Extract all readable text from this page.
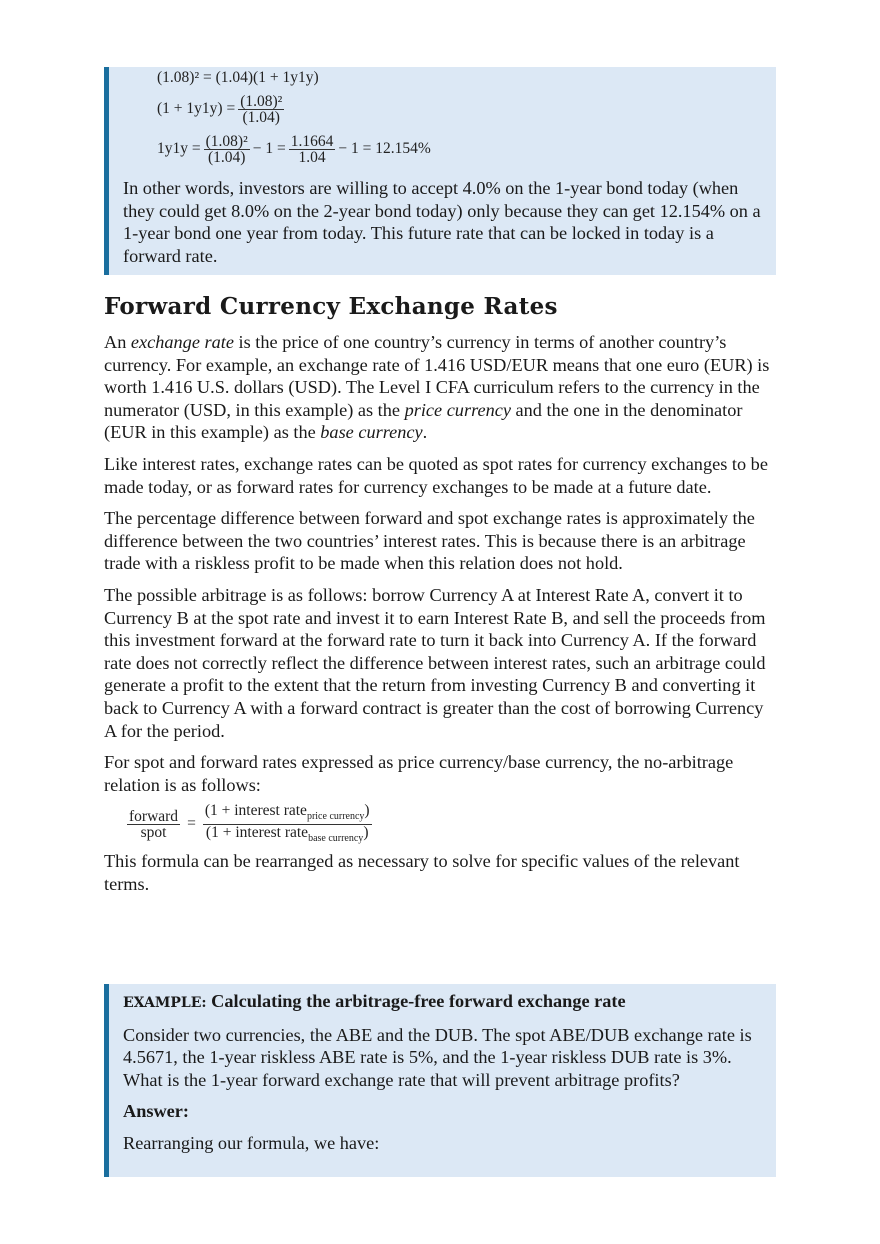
(1.08)² = (1.04)(1 + 1y1y)
$(1 + 1y1y) = \frac{\text{(1.08)²}}{(1.04)}$
$1y1y = \frac{\text{(1.08)²}}{(1.04)} - 1 = \frac{1.1664}{1.04} - 1 = 12.154\%$

In other words, investors are willing to accept 4.0% on the 1-year bond today (when they could get 8.0% on the 2-year bond today) only because they can get 12.154% on a 1-year bond one year from today. This future rate that can be locked in today is a forward rate.

Forward Currency Exchange Rates

An exchange rate is the price of one country’s currency in terms of another country’s currency. For example, an exchange rate of 1.416 USD/EUR means that one euro (EUR) is worth 1.416 U.S. dollars (USD). The Level I CFA curriculum refers to the currency in the numerator (USD, in this example) as the price currency and the one in the denominator (EUR in this example) as the base currency.

Like interest rates, exchange rates can be quoted as spot rates for currency exchanges to be made today, or as forward rates for currency exchanges to be made at a future date.

The percentage difference between forward and spot exchange rates is approximately the difference between the two countries’ interest rates. This is because there is an arbitrage trade with a riskless profit to be made when this relation does not hold.

The possible arbitrage is as follows: borrow Currency A at Interest Rate A, convert it to Currency B at the spot rate and invest it to earn Interest Rate B, and sell the proceeds from this investment forward at the forward rate to turn it back into Currency A. If the forward rate does not correctly reflect the difference between interest rates, such an arbitrage could generate a profit to the extent that the return from investing Currency B and converting it back to Currency A with a forward contract is greater than the cost of borrowing Currency A for the period.

For spot and forward rates expressed as price currency/base currency, the no-arbitrage relation is as follows:

$\frac{\text{forward}}{\text{spot}} = \frac{(1 + interest rate_{price currency})}{(1 + interest rate_{base currency})}$

This formula can be rearranged as necessary to solve for specific values of the relevant terms.

EXAMPLE: Calculating the arbitrage-free forward exchange rate

Consider two currencies, the ABE and the DUB. The spot ABE/DUB exchange rate is 4.5671, the 1-year riskless ABE rate is 5%, and the 1-year riskless DUB rate is 3%. What is the 1-year forward exchange rate that will prevent arbitrage profits?

Answer:

Rearranging our formula, we have:
